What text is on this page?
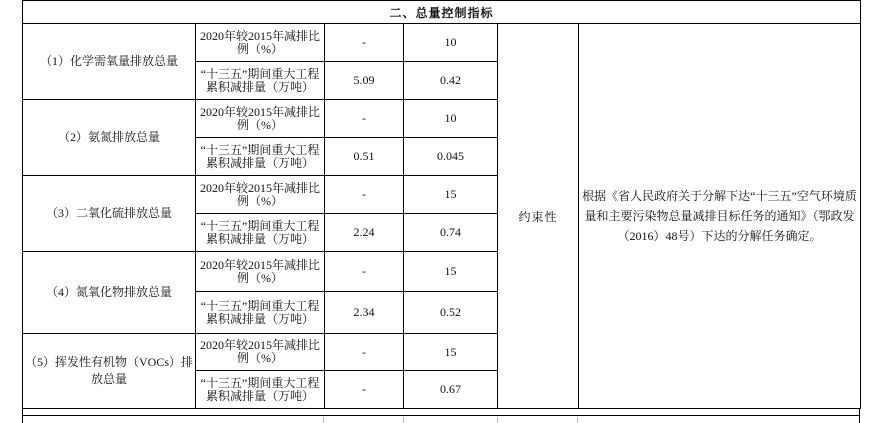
二、总量控制指标					
（1）化学需氧量排放总量	2020年较2015年减排比例（%）	-	10	约束性	根据《省人民政府关于分解下达“十三五”空气环境质量和主要污染物总量减排目标任务的通知》（鄂政发（2016）48号）下达的分解任务确定。
	“十三五”期间重大工程累积减排量（万吨）	5.09	0.42		
（2）氨氮排放总量	2020年较2015年减排比例（%）	-	10		
	“十三五”期间重大工程累积减排量（万吨）	0.51	0.045		
（3）二氧化硫排放总量	2020年较2015年减排比例（%）	-	15		
	“十三五”期间重大工程累积减排量（万吨）	2.24	0.74		
（4）氮氧化物排放总量	2020年较2015年减排比例（%）	-	15		
	“十三五”期间重大工程累积减排量（万吨）	2.34	0.52		
（5）挥发性有机物（VOCs）排放总量	2020年较2015年减排比例（%）	-	15		
	“十三五”期间重大工程累积减排量（万吨）	-	0.67		
